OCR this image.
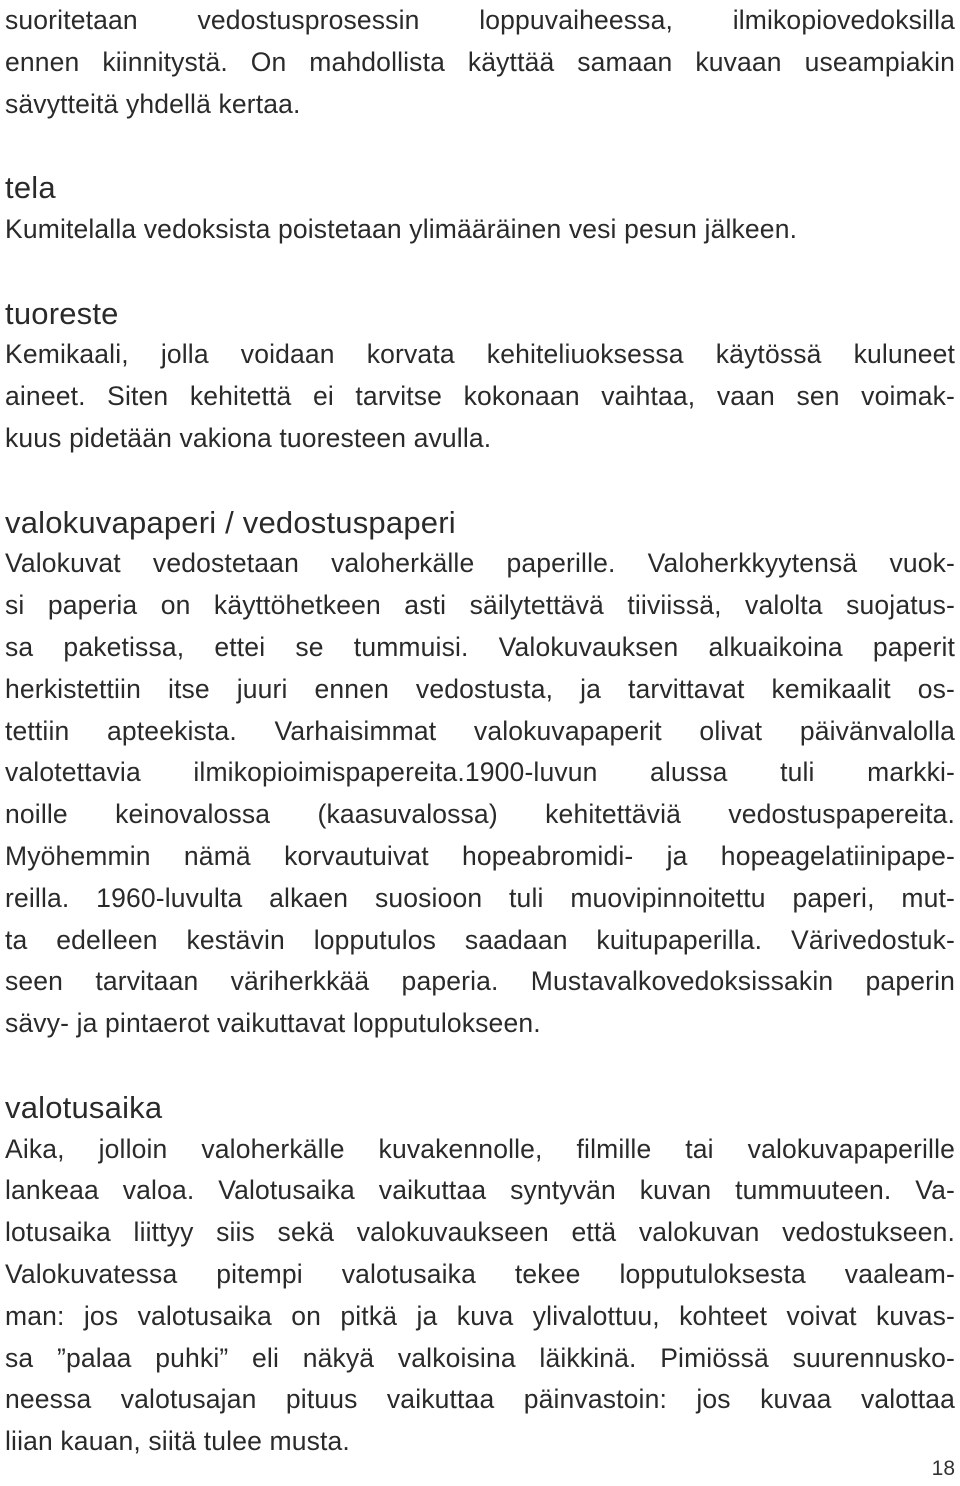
suoritetaan vedostusprosessin loppuvaiheessa, ilmikopiovedoksilla
ennen kiinnitystä. On mahdollista käyttää samaan kuvaan useampiakin
sävytteitä yhdellä kertaa.
tela
Kumitelalla vedoksista poistetaan ylimääräinen vesi pesun jälkeen.
tuoreste
Kemikaali, jolla voidaan korvata kehiteliuoksessa käytössä kuluneet
aineet. Siten kehitettä ei tarvitse kokonaan vaihtaa, vaan sen voimak-
kuus pidetään vakiona tuoresteen avulla.
valokuvapaperi / vedostuspaperi
Valokuvat vedostetaan valoherkälle paperille. Valoherkkyytensä vuok-
si paperia on käyttöhetkeen asti säilytettävä tiiviissä, valolta suojatus-
sa paketissa, ettei se tummuisi. Valokuvauksen alkuaikoina paperit
herkistettiin itse juuri ennen vedostusta, ja tarvittavat kemikaalit os-
tettiin apteekista. Varhaisimmat valokuvapaperit olivat päivänvalolla
valotettavia ilmikopioimispapereita.1900-luvun alussa tuli markki-
noille keinovalossa (kaasuvalossa) kehitettäviä vedostuspapereita.
Myöhemmin nämä korvautuivat hopeabromidi- ja hopeagelatiinipape-
reilla. 1960-luvulta alkaen suosioon tuli muovipinnoitettu paperi, mut-
ta edelleen kestävin lopputulos saadaan kuitupaperilla. Värivedostuk-
seen tarvitaan väriherkkää paperia. Mustavalkovedoksissakin paperin
sävy- ja pintaerot vaikuttavat lopputulokseen.
valotusaika
Aika, jolloin valoherkälle kuvakennolle, filmille tai valokuvapaperille
lankeaa valoa. Valotusaika vaikuttaa syntyvän kuvan tummuuteen. Va-
lotusaika liittyy siis sekä valokuvaukseen että valokuvan vedostukseen.
Valokuvatessa pitempi valotusaika tekee lopputuloksesta vaaleam-
man: jos valotusaika on pitkä ja kuva ylivalottuu, kohteet voivat kuvas-
sa ”palaa puhki” eli näkyä valkoisina läikkinä. Pimiössä suurennusko-
neessa valotusajan pituus vaikuttaa päinvastoin: jos kuvaa valottaa
liian kauan, siitä tulee musta.
18
